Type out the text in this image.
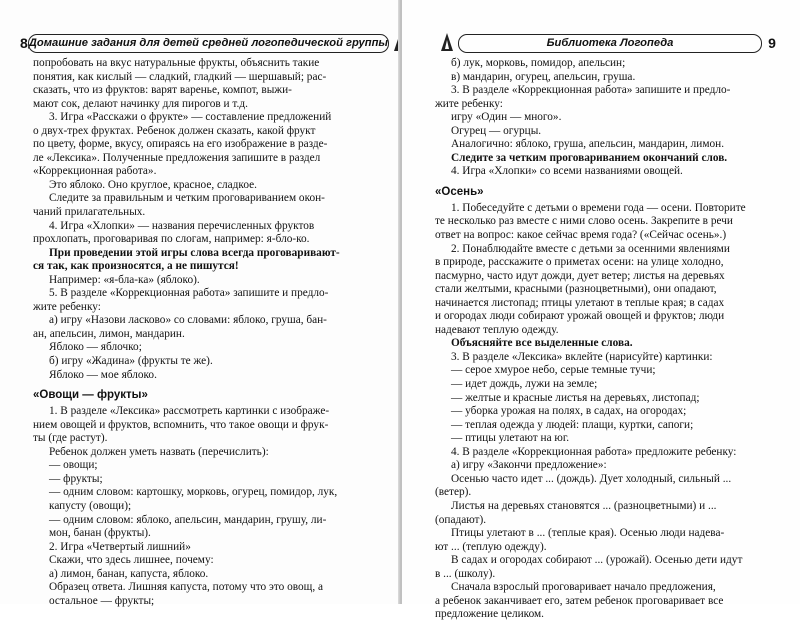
8 Домашние задания для детей средней логопедической группы
попробовать на вкус натуральные фрукты, объяснить такие
понятия, как кислый — сладкий, гладкий — шершавый; рас-
сказать, что из фруктов: варят варенье, компот, выжи-
мают сок, делают начинку для пирогов и т.д.
3. Игра «Расскажи о фрукте» — составление предложений
о двух-трех фруктах. Ребенок должен сказать, какой фрукт
по цвету, форме, вкусу, опираясь на его изображение в разде-
ле «Лексика». Полученные предложения запишите в раздел
«Коррекционная работа».
Это яблоко. Оно круглое, красное, сладкое.
Следите за правильным и четким проговариванием окон-
чаний прилагательных.
4. Игра «Хлопки» — названия перечисленных фруктов
прохлопать, проговаривая по слогам, например: я-бло-ко.
При проведении этой игры слова всегда проговаривают-
ся так, как произносятся, а не пишутся!
Например: «я-бла-ка» (яблоко).
5. В разделе «Коррекционная работа» запишите и предло-
жите ребенку:
а) игру «Назови ласково» со словами: яблоко, груша, бан-
ан, апельсин, лимон, мандарин.
Яблоко — яблочко;
б) игру «Жадина» (фрукты те же).
Яблоко — мое яблоко.
«Овощи — фрукты»
1. В разделе «Лексика» рассмотреть картинки с изображе-
нием овощей и фруктов, вспомнить, что такое овощи и фрук-
ты (где растут).
Ребенок должен уметь назвать (перечислить):
— овощи;
— фрукты;
— одним словом: картошку, морковь, огурец, помидор, лук,
капусту (овощи);
— одним словом: яблоко, апельсин, мандарин, грушу, ли-
мон, банан (фрукты).
2. Игра «Четвертый лишний»
Скажи, что здесь лишнее, почему:
а) лимон, банан, капуста, яблоко.
Образец ответа. Лишняя капуста, потому что это овощ, а
остальное — фрукты;
Библиотека Логопеда	9
б) лук, морковь, помидор, апельсин;
в) мандарин, огурец, апельсин, груша.
3. В разделе «Коррекционная работа» запишите и предло-
жите ребенку:
игру «Один — много».
Огурец — огурцы.
Аналогично: яблоко, груша, апельсин, мандарин, лимон.
Следите за четким проговариванием окончаний слов.
4. Игра «Хлопки» со всеми названиями овощей.
«Осень»
1. Побеседуйте с детьми о времени года — осени. Повторите
те несколько раз вместе с ними слово осень. Закрепите в речи
ответ на вопрос: какое сейчас время года? («Сейчас осень».)
2. Понаблюдайте вместе с детьми за осенними явлениями
в природе, расскажите о приметах осени: на улице холодно,
пасмурно, часто идут дожди, дует ветер; листья на деревьях
стали желтыми, красными (разноцветными), они опадают,
начинается листопад; птицы улетают в теплые края; в садах
и огородах люди собирают урожай овощей и фруктов; люди
надевают теплую одежду.
Объясняйте все выделенные слова.
3. В разделе «Лексика» вклейте (нарисуйте) картинки:
— серое хмурое небо, серые темные тучи;
— идет дождь, лужи на земле;
— желтые и красные листья на деревьях, листопад;
— уборка урожая на полях, в садах, на огородах;
— теплая одежда у людей: плащи, куртки, сапоги;
— птицы улетают на юг.
4. В разделе «Коррекционная работа» предложите ребенку:
а) игру «Закончи предложение»:
Осенью часто идет ... (дождь). Дует холодный, сильный ...
(ветер).
Листья на деревьях становятся ... (разноцветными) и ...
(опадают).
Птицы улетают в ... (теплые края). Осенью люди надева-
ют ... (теплую одежду).
В садах и огородах собирают ... (урожай). Осенью дети идут
в ... (школу).
Сначала взрослый проговаривает начало предложения,
а ребенок заканчивает его, затем ребенок проговаривает все
предложение целиком.
